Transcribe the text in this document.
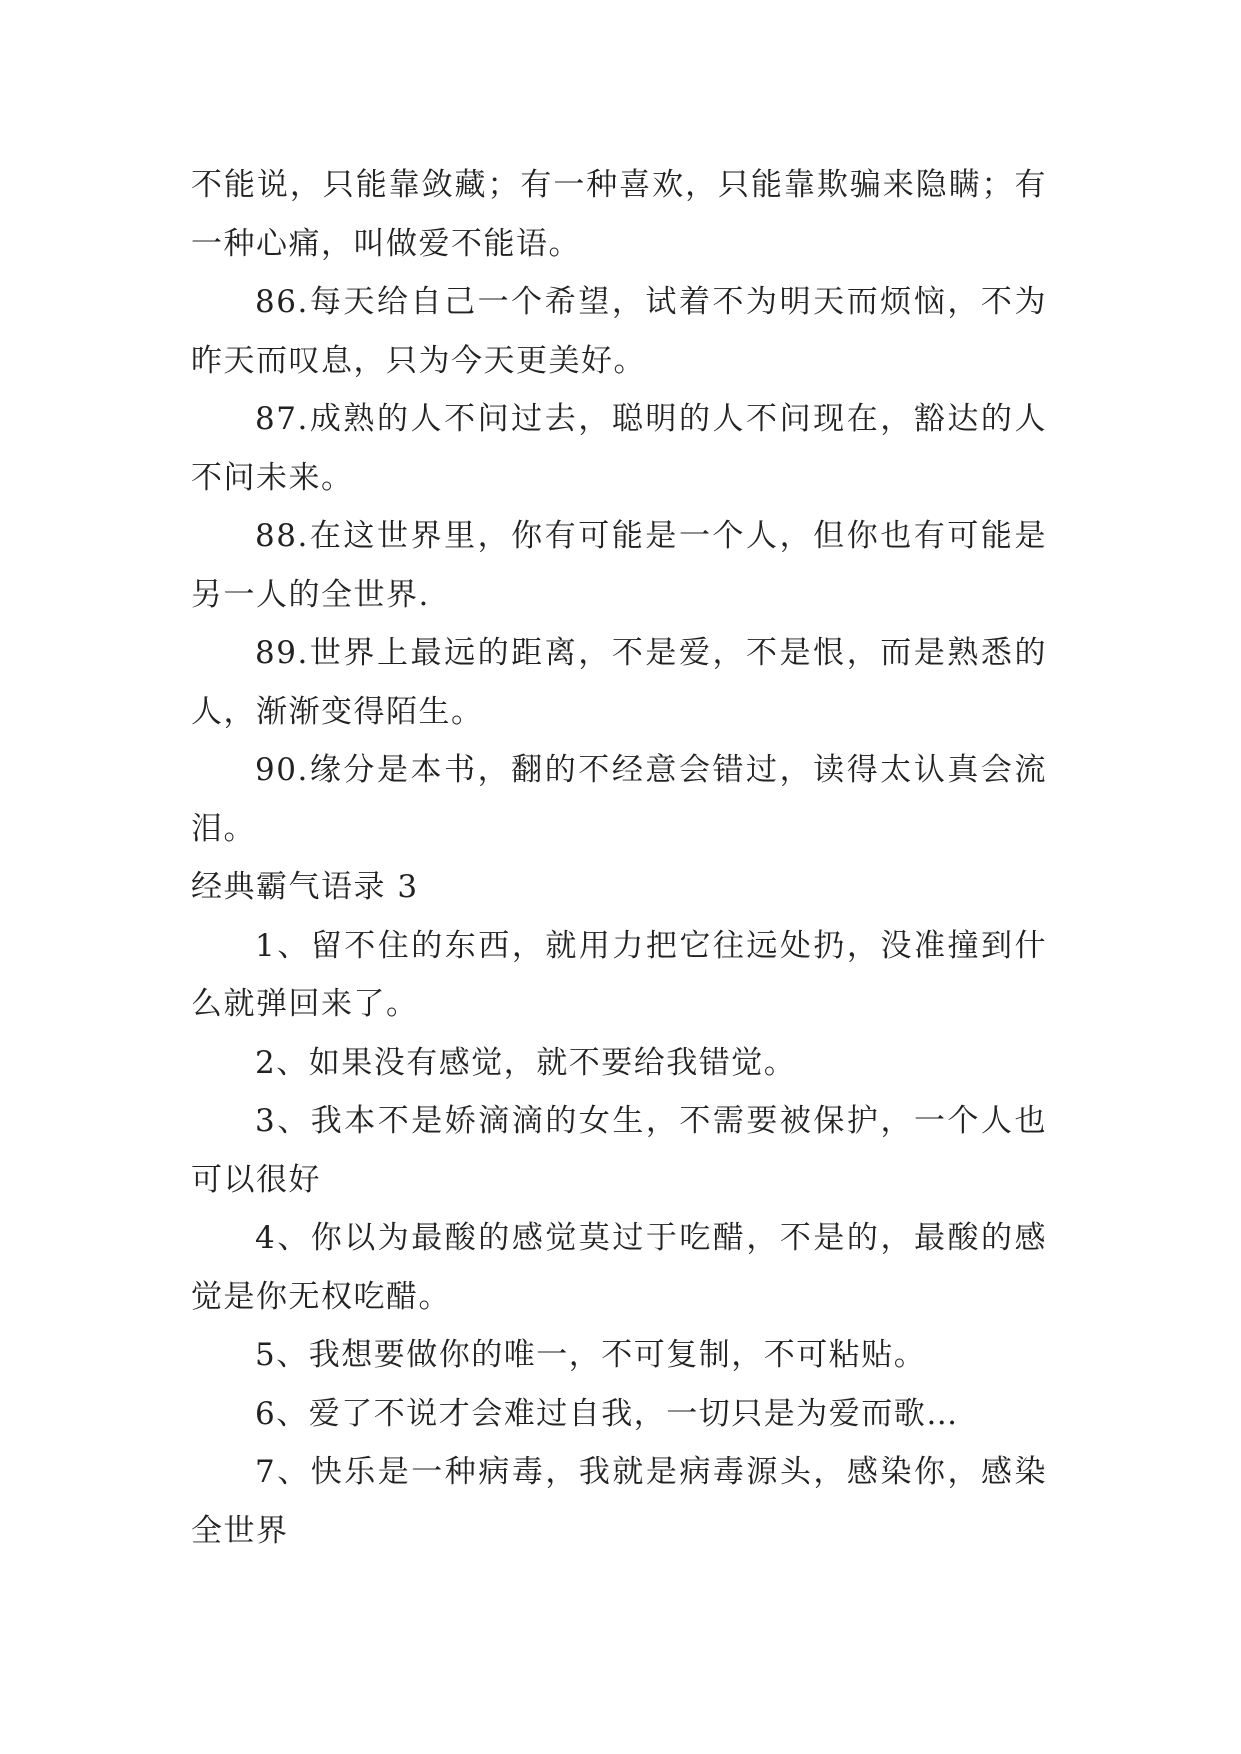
不能说，只能靠敛藏；有一种喜欢，只能靠欺骗来隐瞒；有一种心痛，叫做爱不能语。

86.每天给自己一个希望，试着不为明天而烦恼，不为昨天而叹息，只为今天更美好。

87.成熟的人不问过去，聪明的人不问现在，豁达的人不问未来。

88.在这世界里，你有可能是一个人，但你也有可能是另一人的全世界.

89.世界上最远的距离，不是爱，不是恨，而是熟悉的人，渐渐变得陌生。

90.缘分是本书，翻的不经意会错过，读得太认真会流泪。

经典霸气语录 3

1、留不住的东西，就用力把它往远处扔，没准撞到什么就弹回来了。

2、如果没有感觉，就不要给我错觉。

3、我本不是娇滴滴的女生，不需要被保护，一个人也可以很好

4、你以为最酸的感觉莫过于吃醋，不是的，最酸的感觉是你无权吃醋。

5、我想要做你的唯一，不可复制，不可粘贴。

6、爱了不说才会难过自我，一切只是为爱而歌…

7、快乐是一种病毒，我就是病毒源头，感染你，感染全世界
